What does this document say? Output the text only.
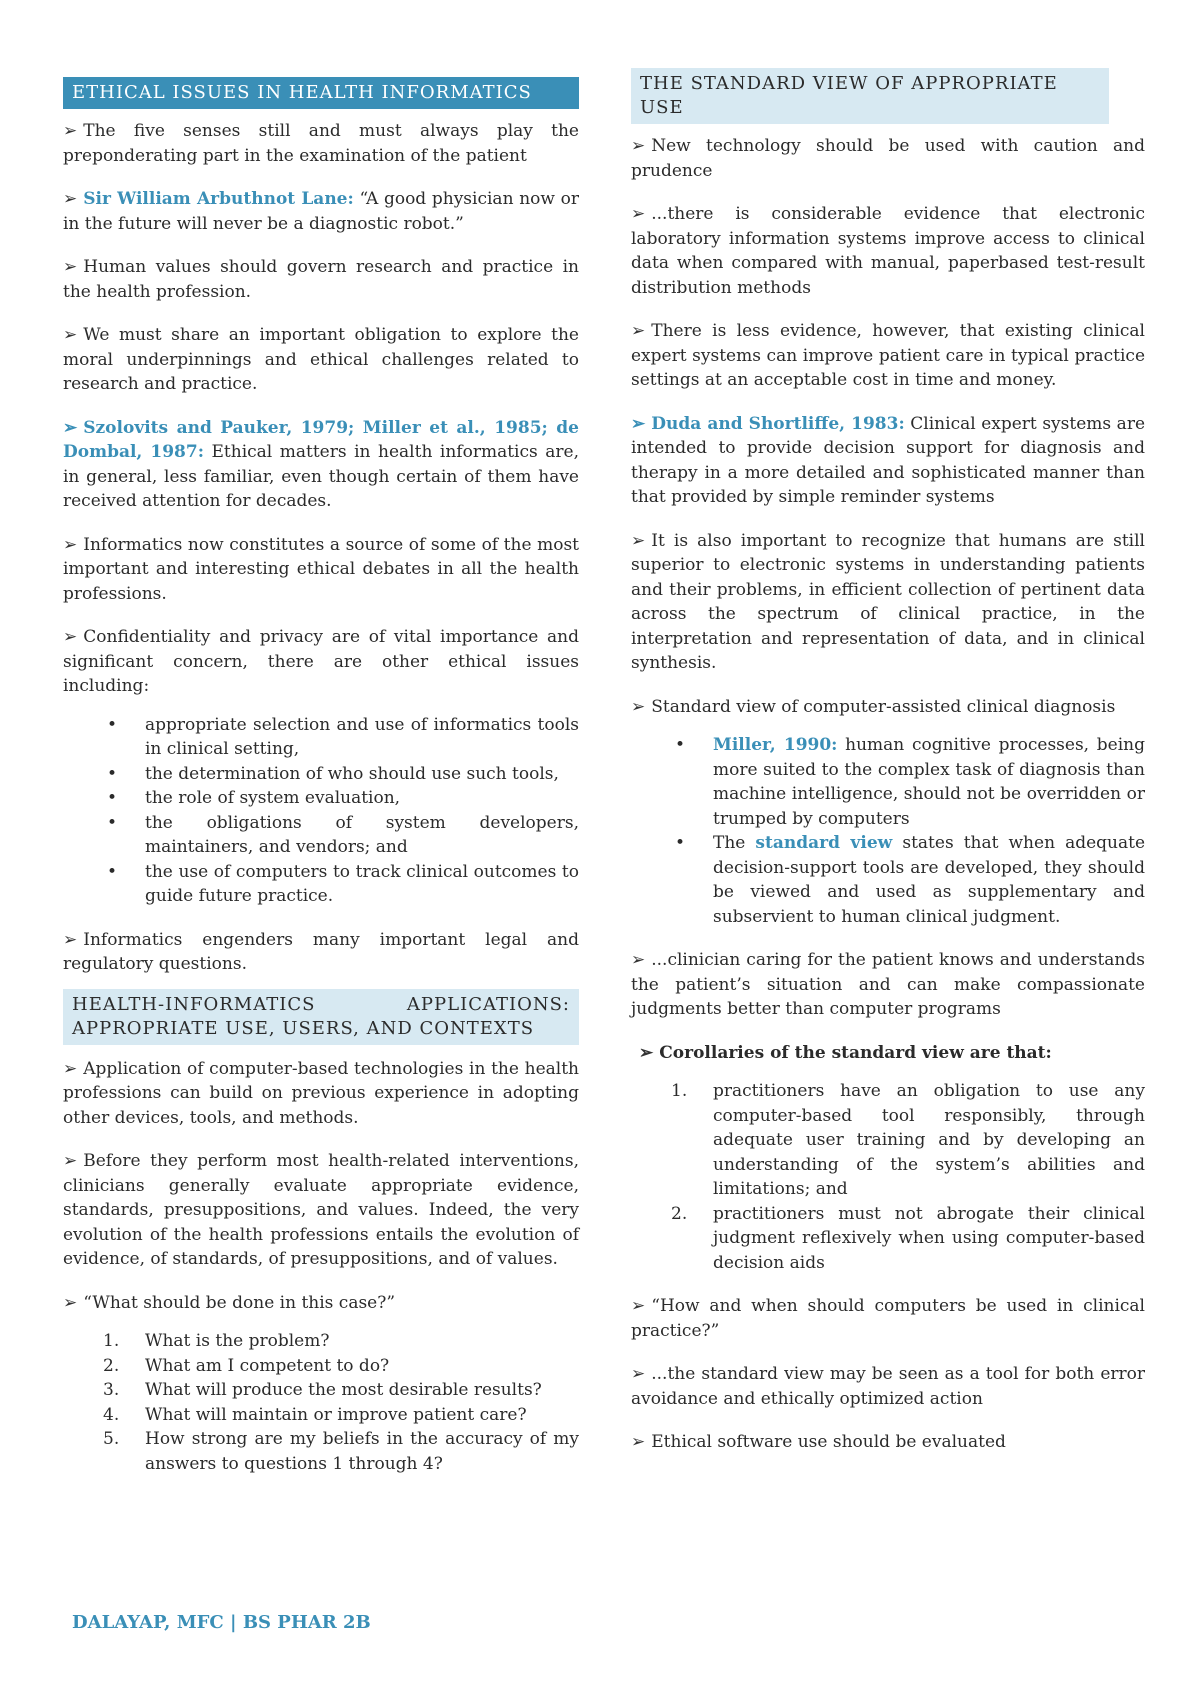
ETHICAL ISSUES IN HEALTH INFORMATICS

➢ The five senses still and must always play the preponderating part in the examination of the patient

➢ Sir William Arbuthnot Lane: “A good physician now or in the future will never be a diagnostic robot.”

➢ Human values should govern research and practice in the health profession.

➢ We must share an important obligation to explore the moral underpinnings and ethical challenges related to research and practice.

➢ Szolovits and Pauker, 1979; Miller et al., 1985; de Dombal, 1987: Ethical matters in health informatics are, in general, less familiar, even though certain of them have received attention for decades.

➢ Informatics now constitutes a source of some of the most important and interesting ethical debates in all the health professions.

➢ Confidentiality and privacy are of vital importance and significant concern, there are other ethical issues including:

• appropriate selection and use of informatics tools in clinical setting,
• the determination of who should use such tools,
• the role of system evaluation,
• the obligations of system developers, maintainers, and vendors; and
• the use of computers to track clinical outcomes to guide future practice.

➢ Informatics engenders many important legal and regulatory questions.

HEALTH-INFORMATICS APPLICATIONS:
APPROPRIATE USE, USERS, AND CONTEXTS

➢ Application of computer-based technologies in the health professions can build on previous experience in adopting other devices, tools, and methods.

➢ Before they perform most health-related interventions, clinicians generally evaluate appropriate evidence, standards, presuppositions, and values. Indeed, the very evolution of the health professions entails the evolution of evidence, of standards, of presuppositions, and of values.

➢ “What should be done in this case?”

1. What is the problem?
2. What am I competent to do?
3. What will produce the most desirable results?
4. What will maintain or improve patient care?
5. How strong are my beliefs in the accuracy of my answers to questions 1 through 4?
THE STANDARD VIEW OF APPROPRIATE USE

➢ New technology should be used with caution and prudence

➢ ...there is considerable evidence that electronic laboratory information systems improve access to clinical data when compared with manual, paperbased test-result distribution methods

➢ There is less evidence, however, that existing clinical expert systems can improve patient care in typical practice settings at an acceptable cost in time and money.

➢ Duda and Shortliffe, 1983: Clinical expert systems are intended to provide decision support for diagnosis and therapy in a more detailed and sophisticated manner than that provided by simple reminder systems

➢ It is also important to recognize that humans are still superior to electronic systems in understanding patients and their problems, in efficient collection of pertinent data across the spectrum of clinical practice, in the interpretation and representation of data, and in clinical synthesis.

➢ Standard view of computer-assisted clinical diagnosis

• Miller, 1990: human cognitive processes, being more suited to the complex task of diagnosis than machine intelligence, should not be overridden or trumped by computers
• The standard view states that when adequate decision-support tools are developed, they should be viewed and used as supplementary and subservient to human clinical judgment.

➢ ...clinician caring for the patient knows and understands the patient’s situation and can make compassionate judgments better than computer programs

➢ Corollaries of the standard view are that:

1. practitioners have an obligation to use any computer-based tool responsibly, through adequate user training and by developing an understanding of the system’s abilities and limitations; and
2. practitioners must not abrogate their clinical judgment reflexively when using computer-based decision aids

➢ “How and when should computers be used in clinical practice?”

➢ ...the standard view may be seen as a tool for both error avoidance and ethically optimized action

➢ Ethical software use should be evaluated

DALAYAP, MFC | BS PHAR 2B
